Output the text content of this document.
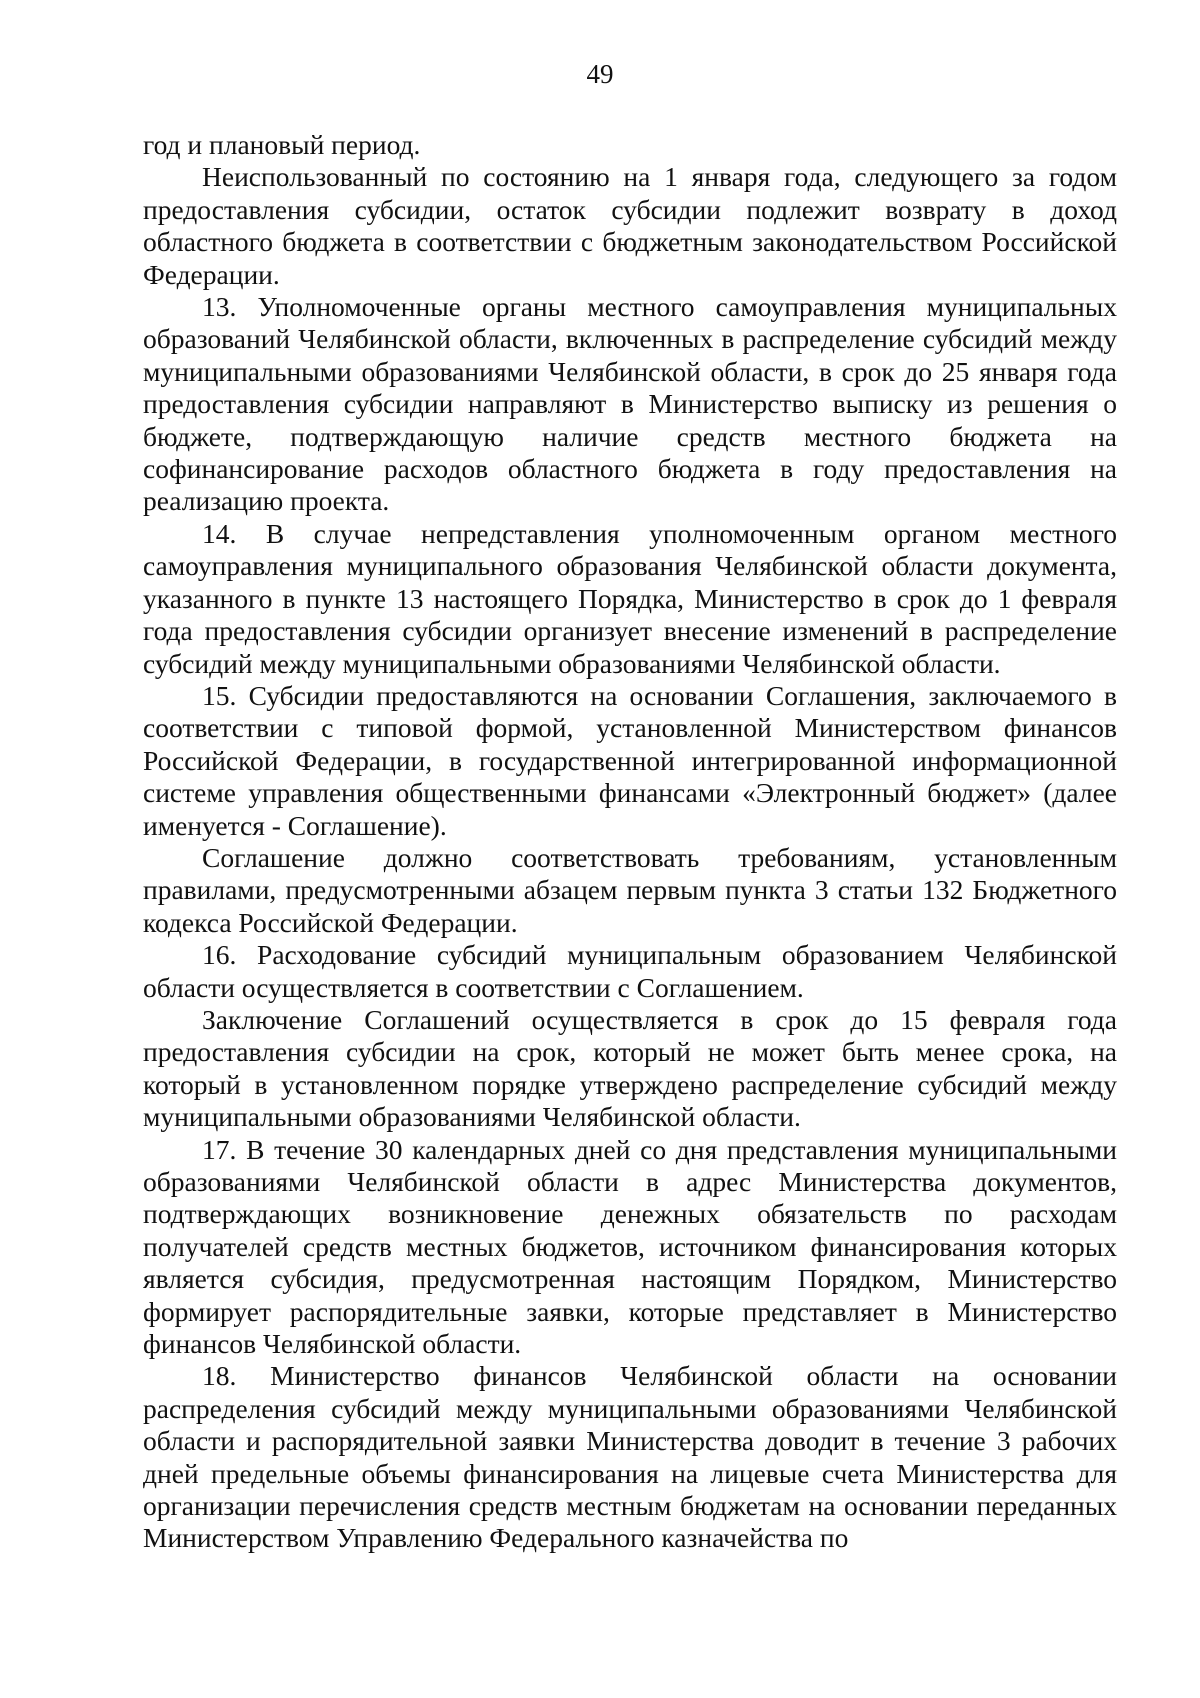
49

год и плановый период.

Неиспользованный по состоянию на 1 января года, следующего за годом предоставления субсидии, остаток субсидии подлежит возврату в доход областного бюджета в соответствии с бюджетным законодательством Российской Федерации.

13. Уполномоченные органы местного самоуправления муниципальных образований Челябинской области, включенных в распределение субсидий между муниципальными образованиями Челябинской области, в срок до 25 января года предоставления субсидии направляют в Министерство выписку из решения о бюджете, подтверждающую наличие средств местного бюджета на софинансирование расходов областного бюджета в году предоставления на реализацию проекта.

14. В случае непредставления уполномоченным органом местного самоуправления муниципального образования Челябинской области документа, указанного в пункте 13 настоящего Порядка, Министерство в срок до 1 февраля года предоставления субсидии организует внесение изменений в распределение субсидий между муниципальными образованиями Челябинской области.

15. Субсидии предоставляются на основании Соглашения, заключаемого в соответствии с типовой формой, установленной Министерством финансов Российской Федерации, в государственной интегрированной информационной системе управления общественными финансами «Электронный бюджет» (далее именуется - Соглашение).

Соглашение должно соответствовать требованиям, установленным правилами, предусмотренными абзацем первым пункта 3 статьи 132 Бюджетного кодекса Российской Федерации.

16. Расходование субсидий муниципальным образованием Челябинской области осуществляется в соответствии с Соглашением.

Заключение Соглашений осуществляется в срок до 15 февраля года предоставления субсидии на срок, который не может быть менее срока, на который в установленном порядке утверждено распределение субсидий между муниципальными образованиями Челябинской области.

17. В течение 30 календарных дней со дня представления муниципальными образованиями Челябинской области в адрес Министерства документов, подтверждающих возникновение денежных обязательств по расходам получателей средств местных бюджетов, источником финансирования которых является субсидия, предусмотренная настоящим Порядком, Министерство формирует распорядительные заявки, которые представляет в Министерство финансов Челябинской области.

18. Министерство финансов Челябинской области на основании распределения субсидий между муниципальными образованиями Челябинской области и распорядительной заявки Министерства доводит в течение 3 рабочих дней предельные объемы финансирования на лицевые счета Министерства для организации перечисления средств местным бюджетам на основании переданных Министерством Управлению Федерального казначейства по
